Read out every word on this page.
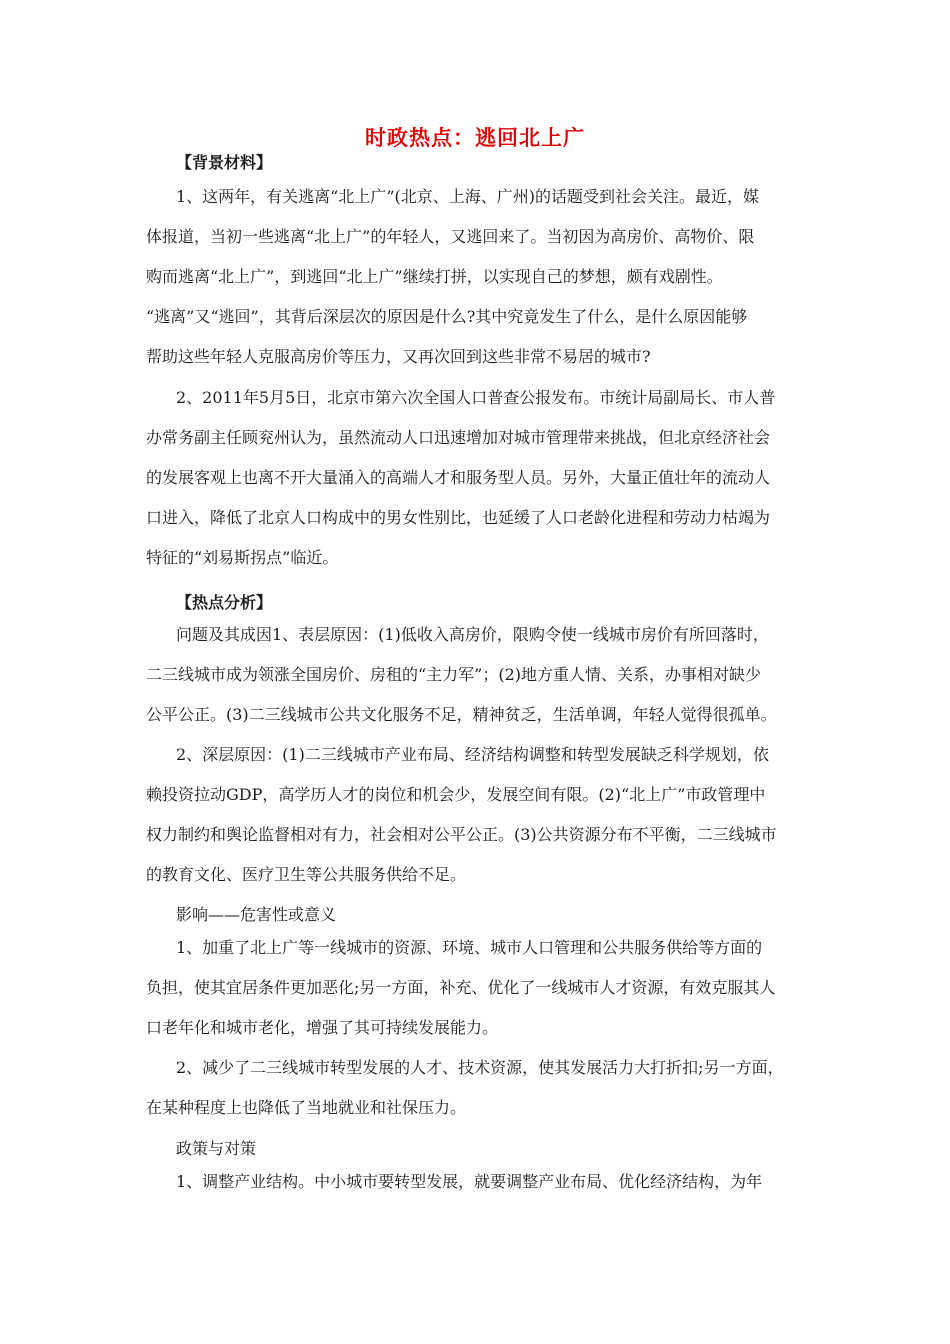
时政热点：逃回北上广
【背景材料】
1、这两年，有关逃离“北上广”(北京、上海、广州)的话题受到社会关注。最近，媒
体报道，当初一些逃离“北上广”的年轻人，又逃回来了。当初因为高房价、高物价、限
购而逃离“北上广”，到逃回“北上广”继续打拼，以实现自己的梦想，颇有戏剧性。
“逃离”又“逃回”，其背后深层次的原因是什么?其中究竟发生了什么，是什么原因能够
帮助这些年轻人克服高房价等压力，又再次回到这些非常不易居的城市?
2、2011年5月5日，北京市第六次全国人口普查公报发布。市统计局副局长、市人普
办常务副主任顾兖州认为，虽然流动人口迅速增加对城市管理带来挑战，但北京经济社会
的发展客观上也离不开大量涌入的高端人才和服务型人员。另外，大量正值壮年的流动人
口进入，降低了北京人口构成中的男女性别比，也延缓了人口老龄化进程和劳动力枯竭为
特征的“刘易斯拐点”临近。
【热点分析】
问题及其成因1、表层原因：(1)低收入高房价，限购令使一线城市房价有所回落时，
二三线城市成为领涨全国房价、房租的“主力军”；(2)地方重人情、关系，办事相对缺少
公平公正。(3)二三线城市公共文化服务不足，精神贫乏，生活单调，年轻人觉得很孤单。
2、深层原因：(1)二三线城市产业布局、经济结构调整和转型发展缺乏科学规划，依
赖投资拉动GDP，高学历人才的岗位和机会少，发展空间有限。(2)“北上广”市政管理中
权力制约和舆论监督相对有力，社会相对公平公正。(3)公共资源分布不平衡，二三线城市
的教育文化、医疗卫生等公共服务供给不足。
影响——危害性或意义
1、加重了北上广等一线城市的资源、环境、城市人口管理和公共服务供给等方面的
负担，使其宜居条件更加恶化;另一方面，补充、优化了一线城市人才资源，有效克服其人
口老年化和城市老化，增强了其可持续发展能力。
2、减少了二三线城市转型发展的人才、技术资源，使其发展活力大打折扣;另一方面，
在某种程度上也降低了当地就业和社保压力。
政策与对策
1、调整产业结构。中小城市要转型发展，就要调整产业布局、优化经济结构，为年
